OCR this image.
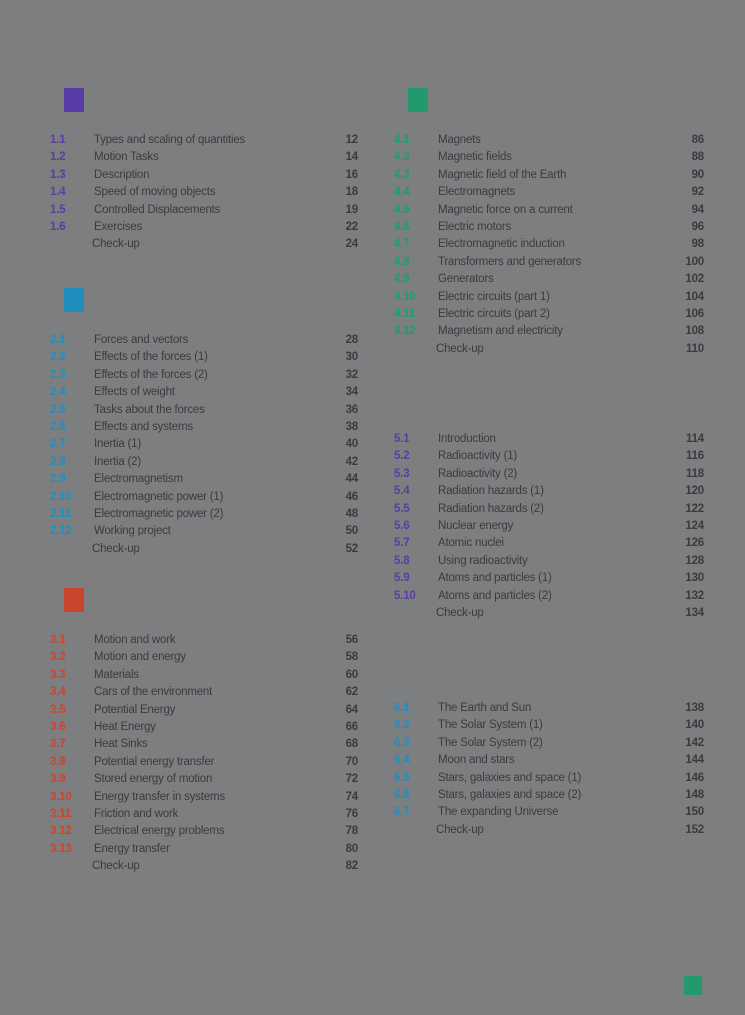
1.1	Types and scaling of quantities	12
1.2	Motion Tasks	14
1.3	Description	16
1.4	Speed of moving objects	18
1.5	Controlled Displacements	19
1.6	Exercises	22
Check-up	24
2.1	Forces and vectors	28
2.2	Effects of the forces (1)	30
2.3	Effects of the forces (2)	32
2.4	Effects of weight	34
2.5	Tasks about the forces	36
2.6	Effects and systems	38
2.7	Inertia (1)	40
2.8	Inertia (2)	42
2.9	Electromagnetism	44
2.10	Electromagnetic power (1)	46
2.11	Electromagnetic power (2)	48
2.12	Working project	50
Check-up	52
3.1	Motion and work	56
3.2	Motion and energy	58
3.3	Materials	60
3.4	Cars of the environment	62
3.5	Potential Energy	64
3.6	Heat Energy	66
3.7	Heat Sinks	68
3.8	Potential energy transfer	70
3.9	Stored energy of motion	72
3.10	Energy transfer in systems	74
3.11	Friction and work	76
3.12	Electrical energy problems	78
3.13	Energy transfer	80
Check-up	82
4.1	Magnets	86
4.2	Magnetic fields	88
4.3	Magnetic field of the Earth	90
4.4	Electromagnets	92
4.5	Magnetic force on a current	94
4.6	Electric motors	96
4.7	Electromagnetic induction	98
4.8	Transformers and generators	100
4.9	Generators	102
4.10	Electric circuits (part 1)	104
4.11	Electric circuits (part 2)	106
4.12	Magnetism and electricity	108
Check-up	110
5.1	Introduction	114
5.2	Radioactivity (1)	116
5.3	Radioactivity (2)	118
5.4	Radiation hazards (1)	120
5.5	Radiation hazards (2)	122
5.6	Nuclear energy	124
5.7	Atomic nuclei	126
5.8	Using radioactivity	128
5.9	Atoms and particles (1)	130
5.10	Atoms and particles (2)	132
Check-up	134
6.1	The Earth and Sun	138
6.2	The Solar System (1)	140
6.3	The Solar System (2)	142
6.4	Moon and stars	144
6.5	Stars, galaxies and space (1)	146
6.6	Stars, galaxies and space (2)	148
6.7	The expanding Universe	150
Check-up	152
